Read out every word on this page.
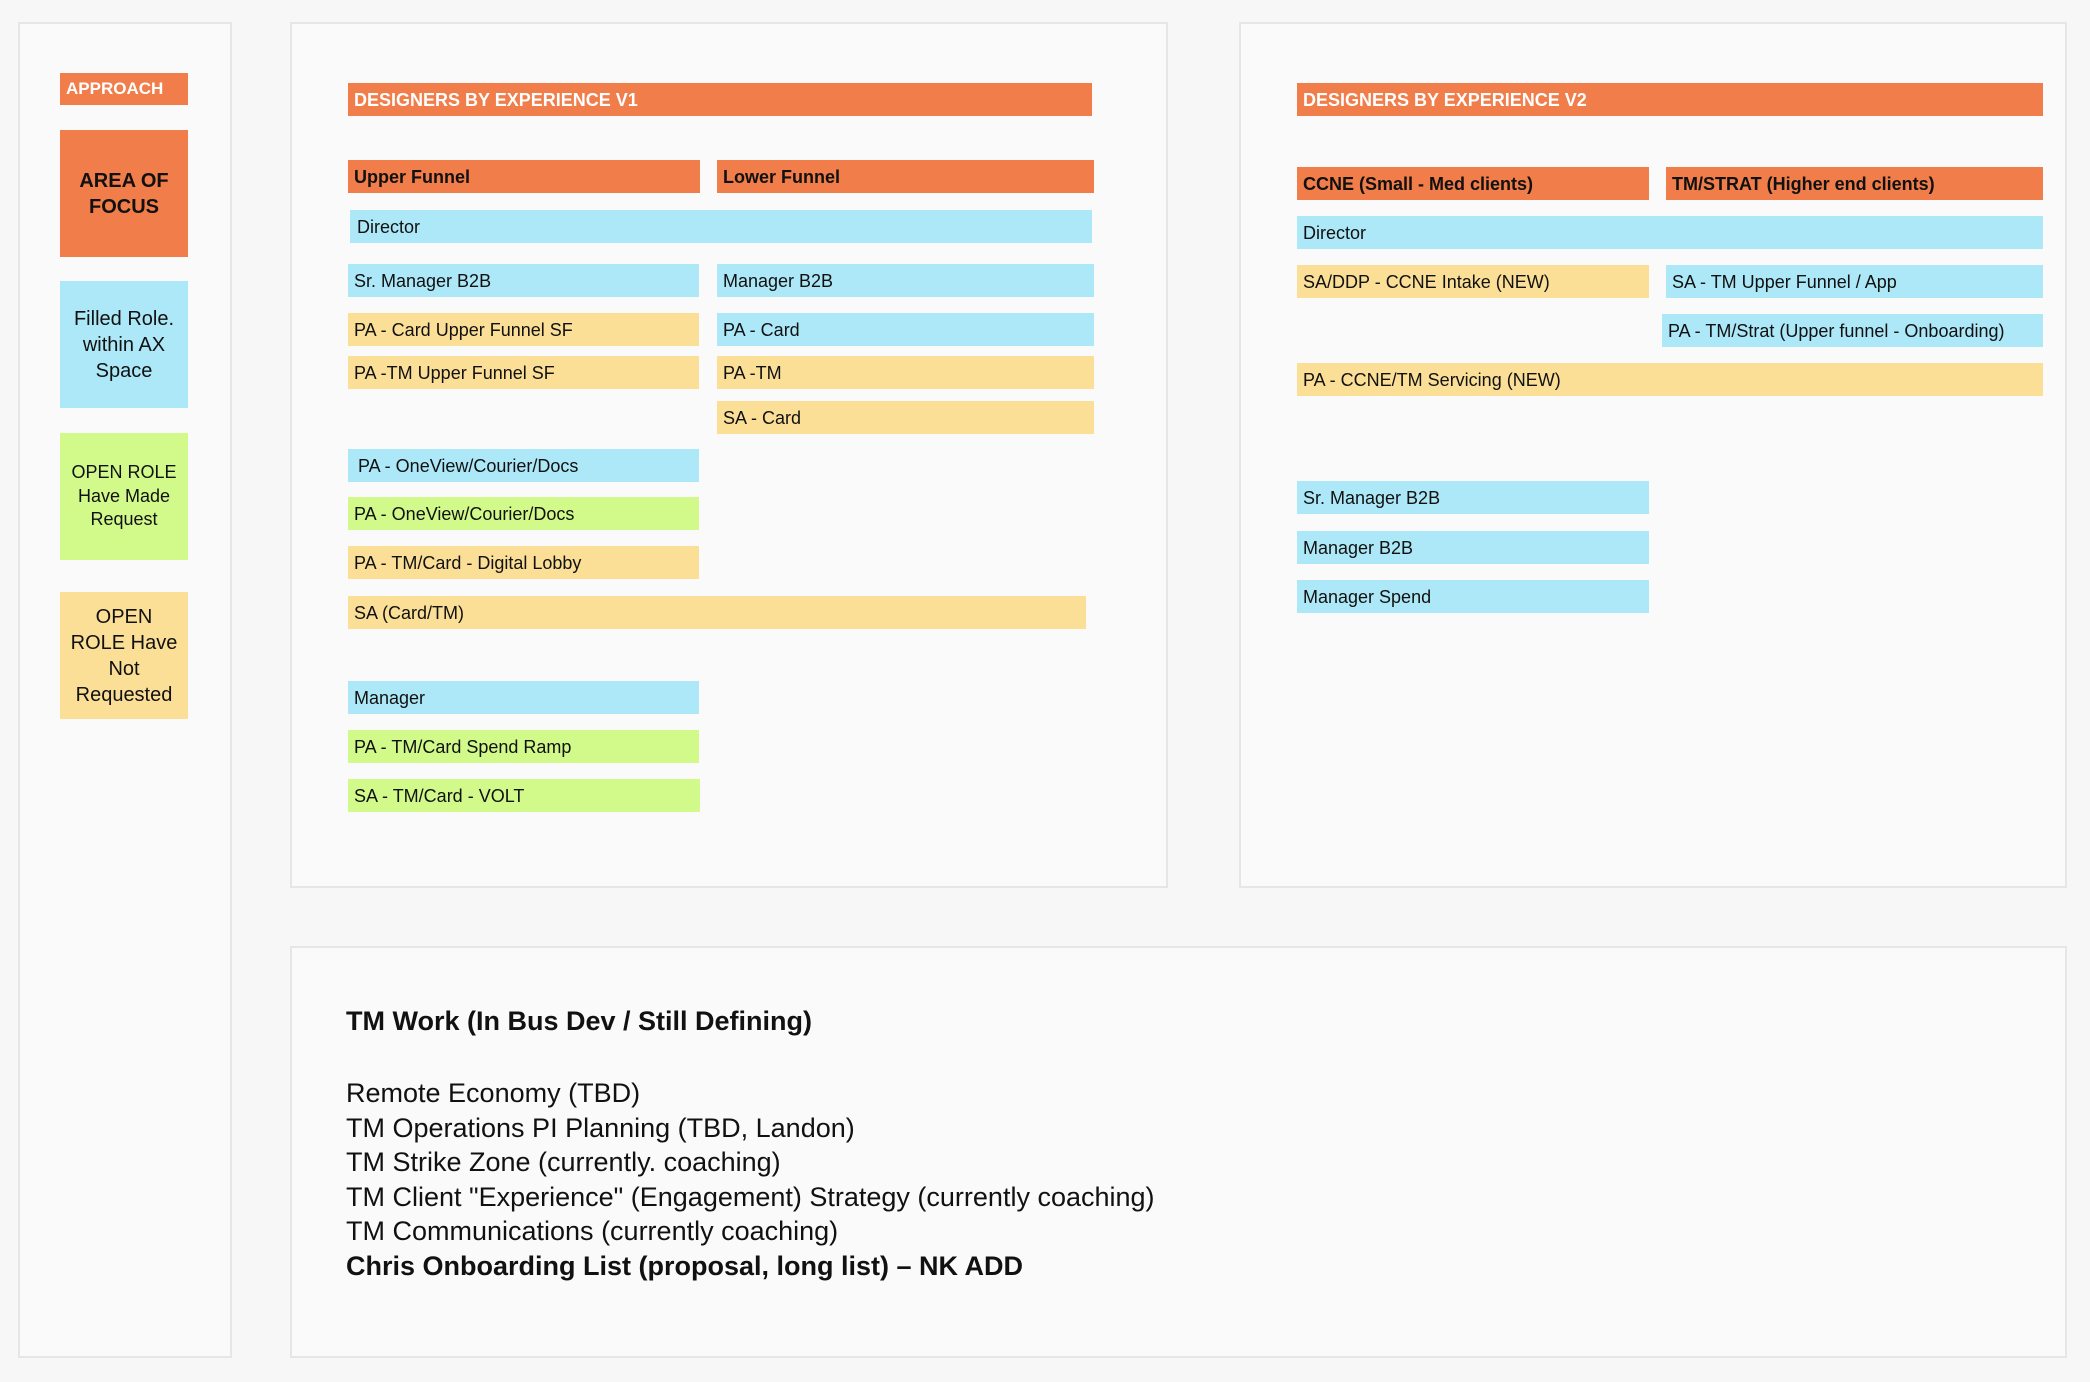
APPROACH
AREA OF FOCUS
Filled Role. within AX Space
OPEN ROLE Have Made Request
OPEN ROLE Have Not Requested
DESIGNERS BY EXPERIENCE V1
Upper Funnel	Lower Funnel
Director
Sr. Manager B2B	Manager B2B
PA - Card Upper Funnel SF	PA - Card
PA -TM Upper Funnel SF	PA -TM
SA - Card
PA - OneView/Courier/Docs
PA - OneView/Courier/Docs
PA - TM/Card - Digital Lobby
SA (Card/TM)
Manager
PA - TM/Card Spend Ramp
SA - TM/Card - VOLT
DESIGNERS BY EXPERIENCE V2
CCNE (Small - Med clients)	TM/STRAT (Higher end clients)
Director
SA/DDP - CCNE Intake (NEW)	SA - TM Upper Funnel / App
PA - TM/Strat (Upper funnel - Onboarding)
PA - CCNE/TM Servicing (NEW)
Sr. Manager B2B
Manager B2B
Manager Spend
TM Work (In Bus Dev / Still Defining)
Remote Economy (TBD)
TM Operations PI Planning (TBD, Landon)
TM Strike Zone (currently. coaching)
TM Client "Experience" (Engagement) Strategy (currently coaching)
TM Communications (currently coaching)
Chris Onboarding List (proposal, long list) – NK ADD
